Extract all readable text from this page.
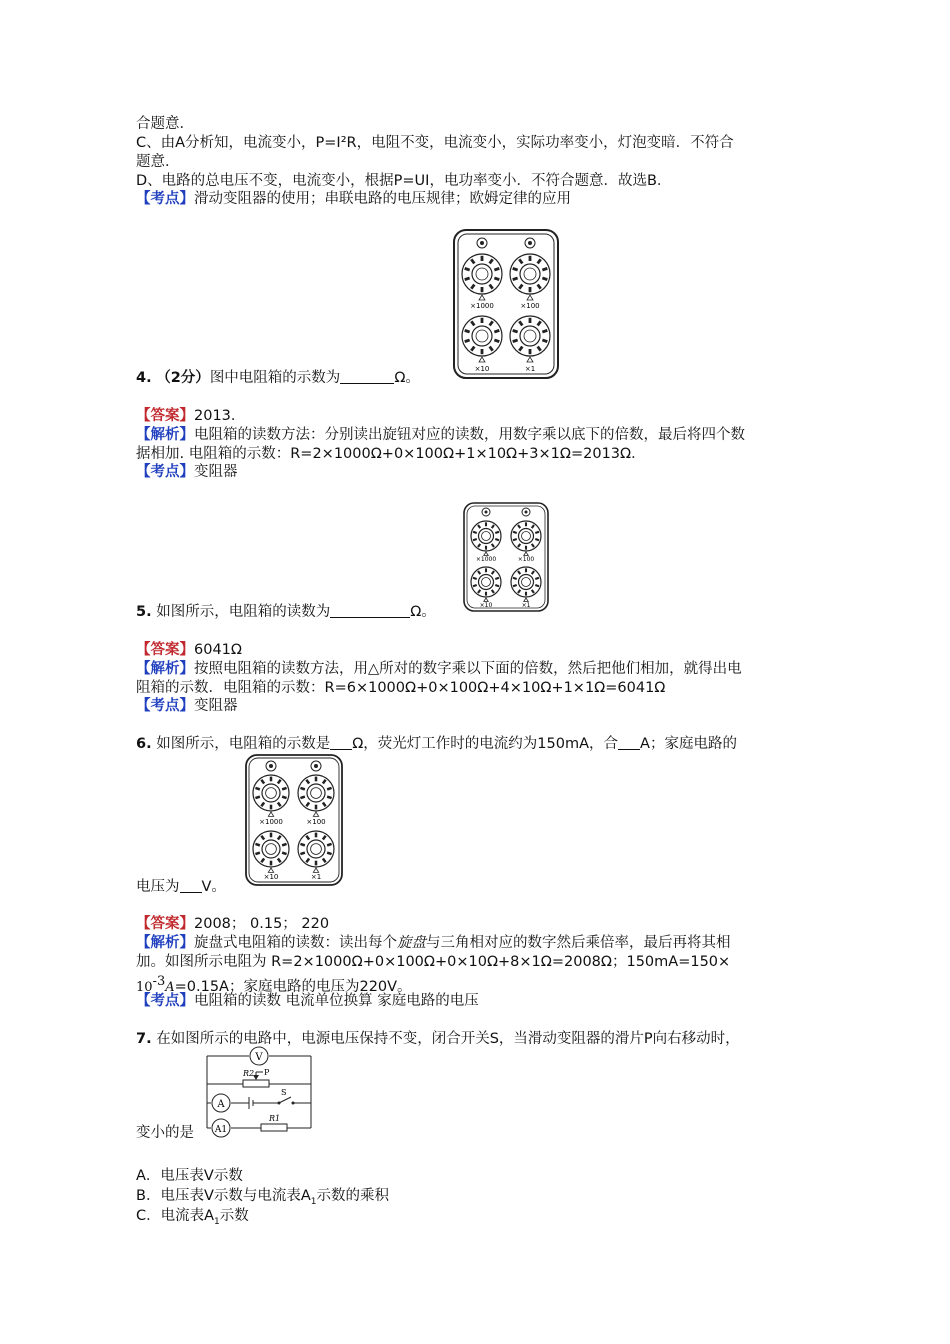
合题意．
C、由A分析知，电流变小，P=I²R，电阻不变，电流变小，实际功率变小，灯泡变暗．不符合
题意．
D、电路的总电压不变，电流变小，根据P=UI，电功率变小．不符合题意．故选B．
【考点】滑动变阻器的使用；串联电路的电压规律；欧姆定律的应用
×1000	×100
×10	×1
4. （2分）图中电阻箱的示数为	Ω。
【答案】2013．
【解析】电阻箱的读数方法：分别读出旋钮对应的读数，用数字乘以底下的倍数，最后将四个数
据相加. 电阻箱的示数：R=2×1000Ω+0×100Ω+1×10Ω+3×1Ω=2013Ω．
【考点】变阻器
×1000	×100
×10	×1
5. 如图所示，电阻箱的读数为	Ω。
【答案】6041Ω
【解析】按照电阻箱的读数方法，用△所对的数字乘以下面的倍数，然后把他们相加，就得出电
阻箱的示数．电阻箱的示数：R=6×1000Ω+0×100Ω+4×10Ω+1×1Ω=6041Ω
【考点】变阻器
6. 如图所示，电阻箱的示数是 Ω，荧光灯工作时的电流约为150mA，合 A；家庭电路的
×1000	×100
×10	×1
电压为 V。
【答案】2008； 0.15； 220
【解析】旋盘式电阻箱的读数：读出每个旋盘与三角相对应的数字然后乘倍率，最后再将其相
加。如图所示电阻为 R=2×1000Ω+0×100Ω+0×10Ω+8×1Ω=2008Ω；150mA=150×
$10^{-3}A=0.15A$；家庭电路的电压为220V。
【考点】电阻箱的读数 电流单位换算 家庭电路的电压
7. 在如图所示的电路中，电源电压保持不变，闭合开关S，当滑动变阻器的滑片P向右移动时，
V
A
A1
R2 P
S
R1
变小的是
A．电压表V示数
B．电压表V示数与电流表$A_1$示数的乘积
C．电流表$A_1$示数
